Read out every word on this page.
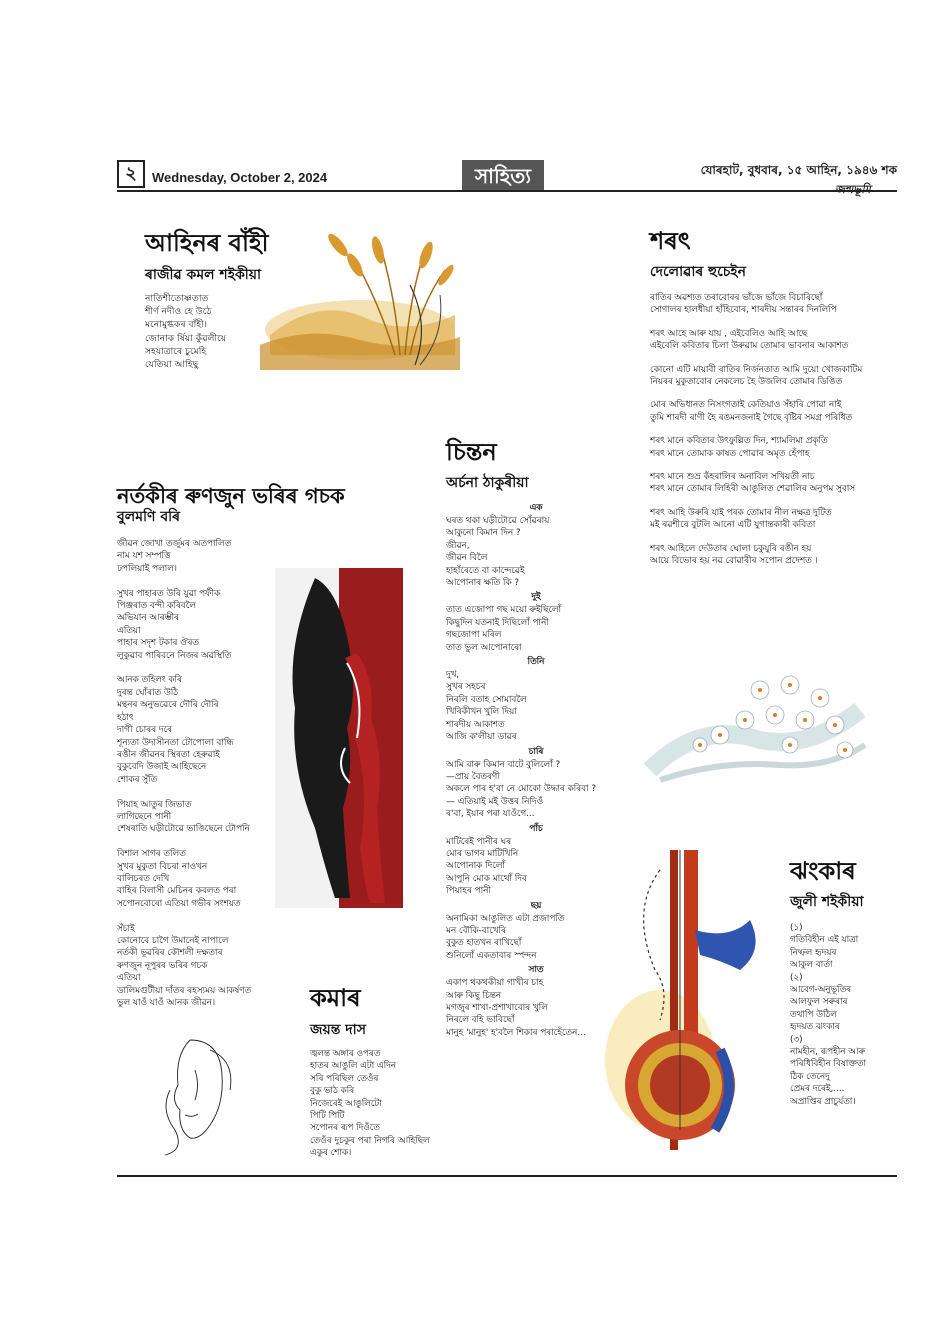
২	Wednesday, October 2, 2024	সাহিত্য	যোৰহাট, বুধবাৰ, ১৫ আহিন, ১৯৪৬ শক
আহিনৰ বাঁহী
ৰাজীৱ কমল শইকীয়া
নাতিশীতোষ্ণতাত
শীৰ্ণ নদীও হে উঠে
মনোমুগ্ধকৰ বাঁহী।
জোনাক ৰ্ষিয়া কুঁৱলীয়ে
সহযাত্ৰাৰে চুমেহি
যেতিয়া আহিছু
শৰৎ
দেলোৱাৰ হুচেইন
ৰাতিৰ অৱশ্যত তৰাবোৰৰ ভাঁজে ভাঁজে বিচাৰিছোঁ
সোণালৰ হালধীয়া হাঁহিবোৰ, শাৰদীয় সন্তাৰৰ দিনলিপি
শৰৎ আহে আৰু যায় , এইবেলিও আহি আছে
এইবেলি কবিতাৰ চিলা উৰুৱাম তোমাৰ ভাবনাৰ আকাশত
কোনো এটি মায়াবী ৰাতিৰ নিৰ্জনতাত আমি দুয়ো খোজকাটিম
নিয়ৰৰ মুকুতাবোৰ নেকলেচ হৈ উজলিব তোমাৰ ডিঙিত
মোৰ অভিধানত নিসংগতাই কেতিয়াও সঁহাৰি পোৱা নাই
তুমি শাৰদী ৰাণী হৈ ৰঙমনজনাই গৈছে বৃষ্টিৰ সমগ্ৰ পৰিধিত
শৰৎ মানে কবিতাৰ উৎফুল্লিত দিন, শ্যামলিমা প্ৰকৃতি
শৰৎ মানে তোমাক কাষত পোৱাৰ অমৃত হেঁপাহ
শৰৎ মানে শুভ্ৰ কঁহৰালিৰ অনাবিল সখিয়তী নাচ
শৰৎ মানে তোমাৰ লিহিৰী আঙুলিত শেৱালিৰ অনুপম সুবাস
শৰৎ আহি উৰুৰি যাই পৰক তোমাৰ নীল নক্ষত্ৰ দুটিত
মই ৰৱশীৰে বুটলি আনো এটি যুগান্তকাৰী কবিতা
শৰৎ আহিলে দেউতাৰ ঘোলা চকুযুৰি ৰঙীন হয়
আয়ে বিভোৰ হয় নৱ বোৱাৰীৰ সপোন প্ৰদেশত ।
চিন্তন
অৰ্চনা ঠাকুৰীয়া
এক
ঘৰত থকা ঘড়ীটোৱে সোঁৱৰায়
আকুনো কিমান দিন ?
জীৱন,
জীৱন বিলৈ
হাহাঁৰেতে বা কান্দেৱেই
আপোনাৰ ক্ষতি কি ?
দুই
তাত এজোপা গছ ময়ো ৰুইছিলোঁ
কিছুদিন যতনাই দিছিলোঁ পানী
গছজোপা মৰিল
তাত ভুল আপোনাৰো
তিনি
দুখ,
সুখৰ সহচৰ
নিৰলি বতাহ সোমাবলৈ
খিৰিকীখন খুলি দিয়া
শাৰদীয় আকাশত
আজি ক'লীয়া ডাৱৰ
চাৰি
আমি বাৰু কিমান বাটে বুলিলোঁ ?
—প্ৰায় বৈতৰণী
অকলে পাৰ হ'বা নে মোকো উদ্ধাৰ কৰিবা ?
— এতিয়াই মই উত্তৰ নিদিওঁ
ৰ'বা, ইয়াৰ পৰা যাওঁগে...
পাঁচ
মাটিৰেই পানীৰ ঘৰ
মোৰ ভাগৰ মাটিখিনি
আপোনাক দিলোঁ
আপুনি মোক মাথোঁ দিব
পিয়াহৰ পানী
ছয়
অনামিকা আঙুলিত এটা প্ৰজাপতি
মন বৌকি-বাখেৰি
বুকুত হাতখন ৰাখিছোঁ
শুনিলোঁ একতাবাৰ স্পন্দন
সাত
একাপ থকথকীয়া গাখীৰ চাহ
আৰু কিছু চিন্তন
মগজুৰ শাখা-প্ৰশাখাবোৰ খুলি
নিৰলে বহি ভাবিছোঁ
মানুহ 'মানুহ' হ'বলৈ শিকাৰ পৰাহেঁতেন...
নৰ্তকীৰ ৰুণজুন ভৰিৰ গচক
বুলমণি বৰি
জীৱন জোখা তৰ্জুমৰ অতপালিত
নাম যশ সম্পত্তি
ঢপলিয়াই পলাল।

সুখৰ পাহাৰত উৰি যুৱা পৰ্ফীক
পিঞ্জৰাত বন্দী কৰিবলৈ
অভিযান আৰম্ভীৰ
এতিয়া
পাহাৰ সদৃশ টকাৰ ঔৰত
লুকুৱাব পাৰিবনে নিজৰ অৱস্থিতি

আনক তহিলং কৰি
দুৰন্ত ঘোঁৰাত উঠি
মন্থনৰ অনুভৱেৰে দৌৰি দৌৰি
হঠাৎ
দাগী চোৰৰ দৰে
শূন্যতা উদাসীনতা টোপোলা বান্ধি
ৰঙীন জীৱনৰ স্থিৰতা হেৰুৱাই
বুকুবেদি উজাই আহিছেনে
শোকৰ সুঁতি

পিয়াহ আতুৰ জিভাত
লাগিছেনে পানী
শেষৰাতি ঘড়ীটোৱে ভাঙিছেনে টোপনি

বিশাল সাগৰ তলিত
সুখৰ মুকুতা বিচৰা নাওখন
বালিচৰত দেখি
বাহিৰ বিলাসী মেচিনৰ কবলত পৰা
সপোনবোৰো এতিয়া গভীৰ সংশয়ত

সঁচাই
কোনোবে চাগৈ উমানেই নাপালে
নৰ্তকী ভূৱৰিৰ কৌশলী দক্ষতাৰ
ৰুণজুন নূপুৰৰ ভৰিৰ গচক
এতিয়া
ডালিমগুটীয়া দাঁতৰ ৰহস্যময় আকৰ্ষণত
ভুল যাওঁ যাওঁ আনক জীৱন।	কমাৰ
জয়ন্ত দাস
জ্বলন্ত অঙ্গাৰ ওপৰত
হাতৰ আঙুলি এটা এদিন
সৰি পৰিছিল তেওঁৰ
বুকু ভাঠ কৰি
নিজেৰেই আঙুলিটো
পিটি পিটি
সপোনৰ ৰূপ দিওঁতে
তেওঁৰ দুচকুৰ পৰা নিগৰি আহিছিল
একুৰ শোক।
ঝংকাৰ
জুলী শইকীয়া
(১)
গতিবিহীন এই যাত্ৰা
নিষ্ফল হৃদয়ৰ
আকুল বাৰ্তা
(২)
আবেগ-অনুভূতিৰ
আলফুল সৰুৰাৰ
তথাপি উঠিল
হৃদয়ত ঝংকাৰ
(৩)
নামহীন, ৰূপহীন আৰু
পৰিধিবিহীন বিষাক্ততা
ঠিক তেনেদু
প্ৰেমৰ দৰেই,....
অপ্ৰাপ্তিৰ প্ৰাচুৰ্যতা।
